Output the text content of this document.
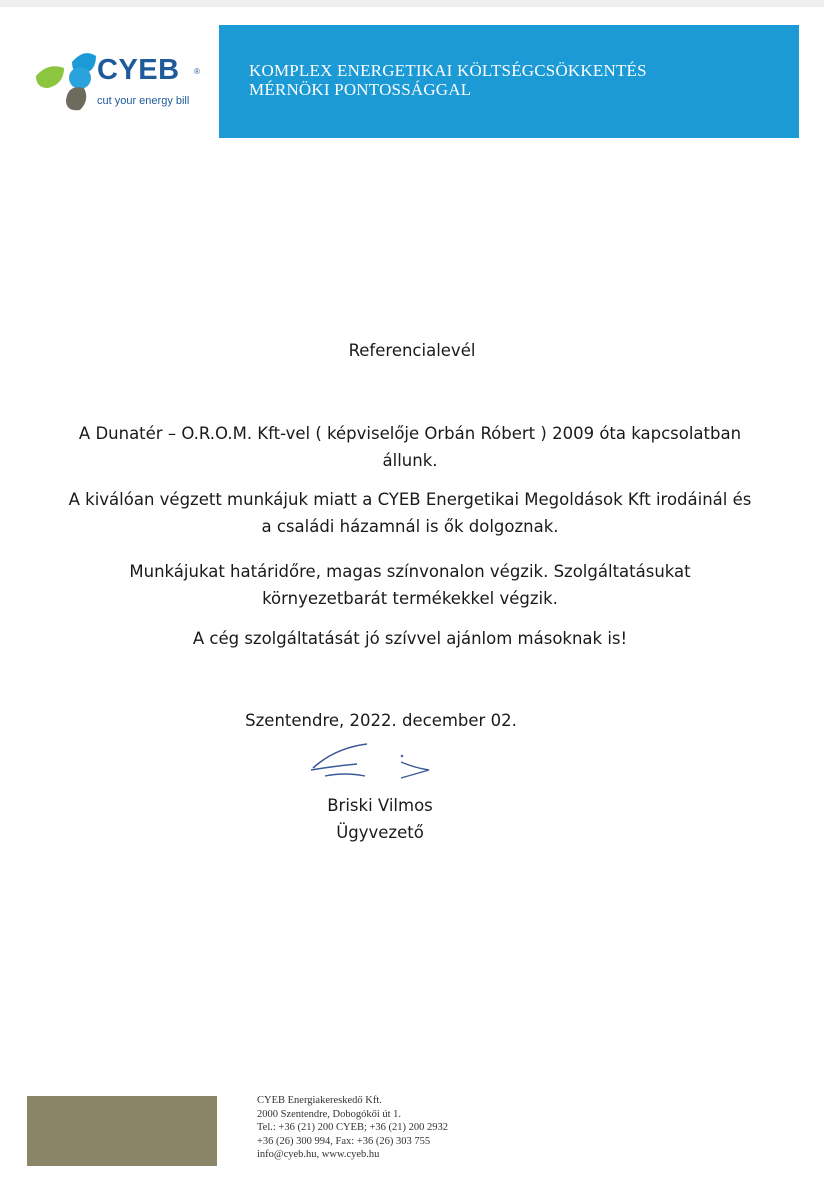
CYEB ®
cut your energy bill
KOMPLEX ENERGETIKAI KÖLTSÉGCSÖKKENTÉS
MÉRNÖKI PONTOSSÁGGAL
Referencialevél
A Dunatér – O.R.O.M. Kft-vel ( képviselője Orbán Róbert ) 2009 óta kapcsolatban
állunk.
A kiválóan végzett munkájuk miatt a CYEB Energetikai Megoldások Kft irodáinál és
a családi házamnál is ők dolgoznak.
Munkájukat határidőre, magas színvonalon végzik. Szolgáltatásukat
környezetbarát termékekkel végzik.
A cég szolgáltatását jó szívvel ajánlom másoknak is!
Szentendre, 2022. december 02.
Briski Vilmos
Ügyvezető
CYEB Energiakereskedő Kft.
2000 Szentendre, Dobogókői út 1.
Tel.: +36 (21) 200 CYEB; +36 (21) 200 2932
+36 (26) 300 994, Fax: +36 (26) 303 755
info@cyeb.hu, www.cyeb.hu
